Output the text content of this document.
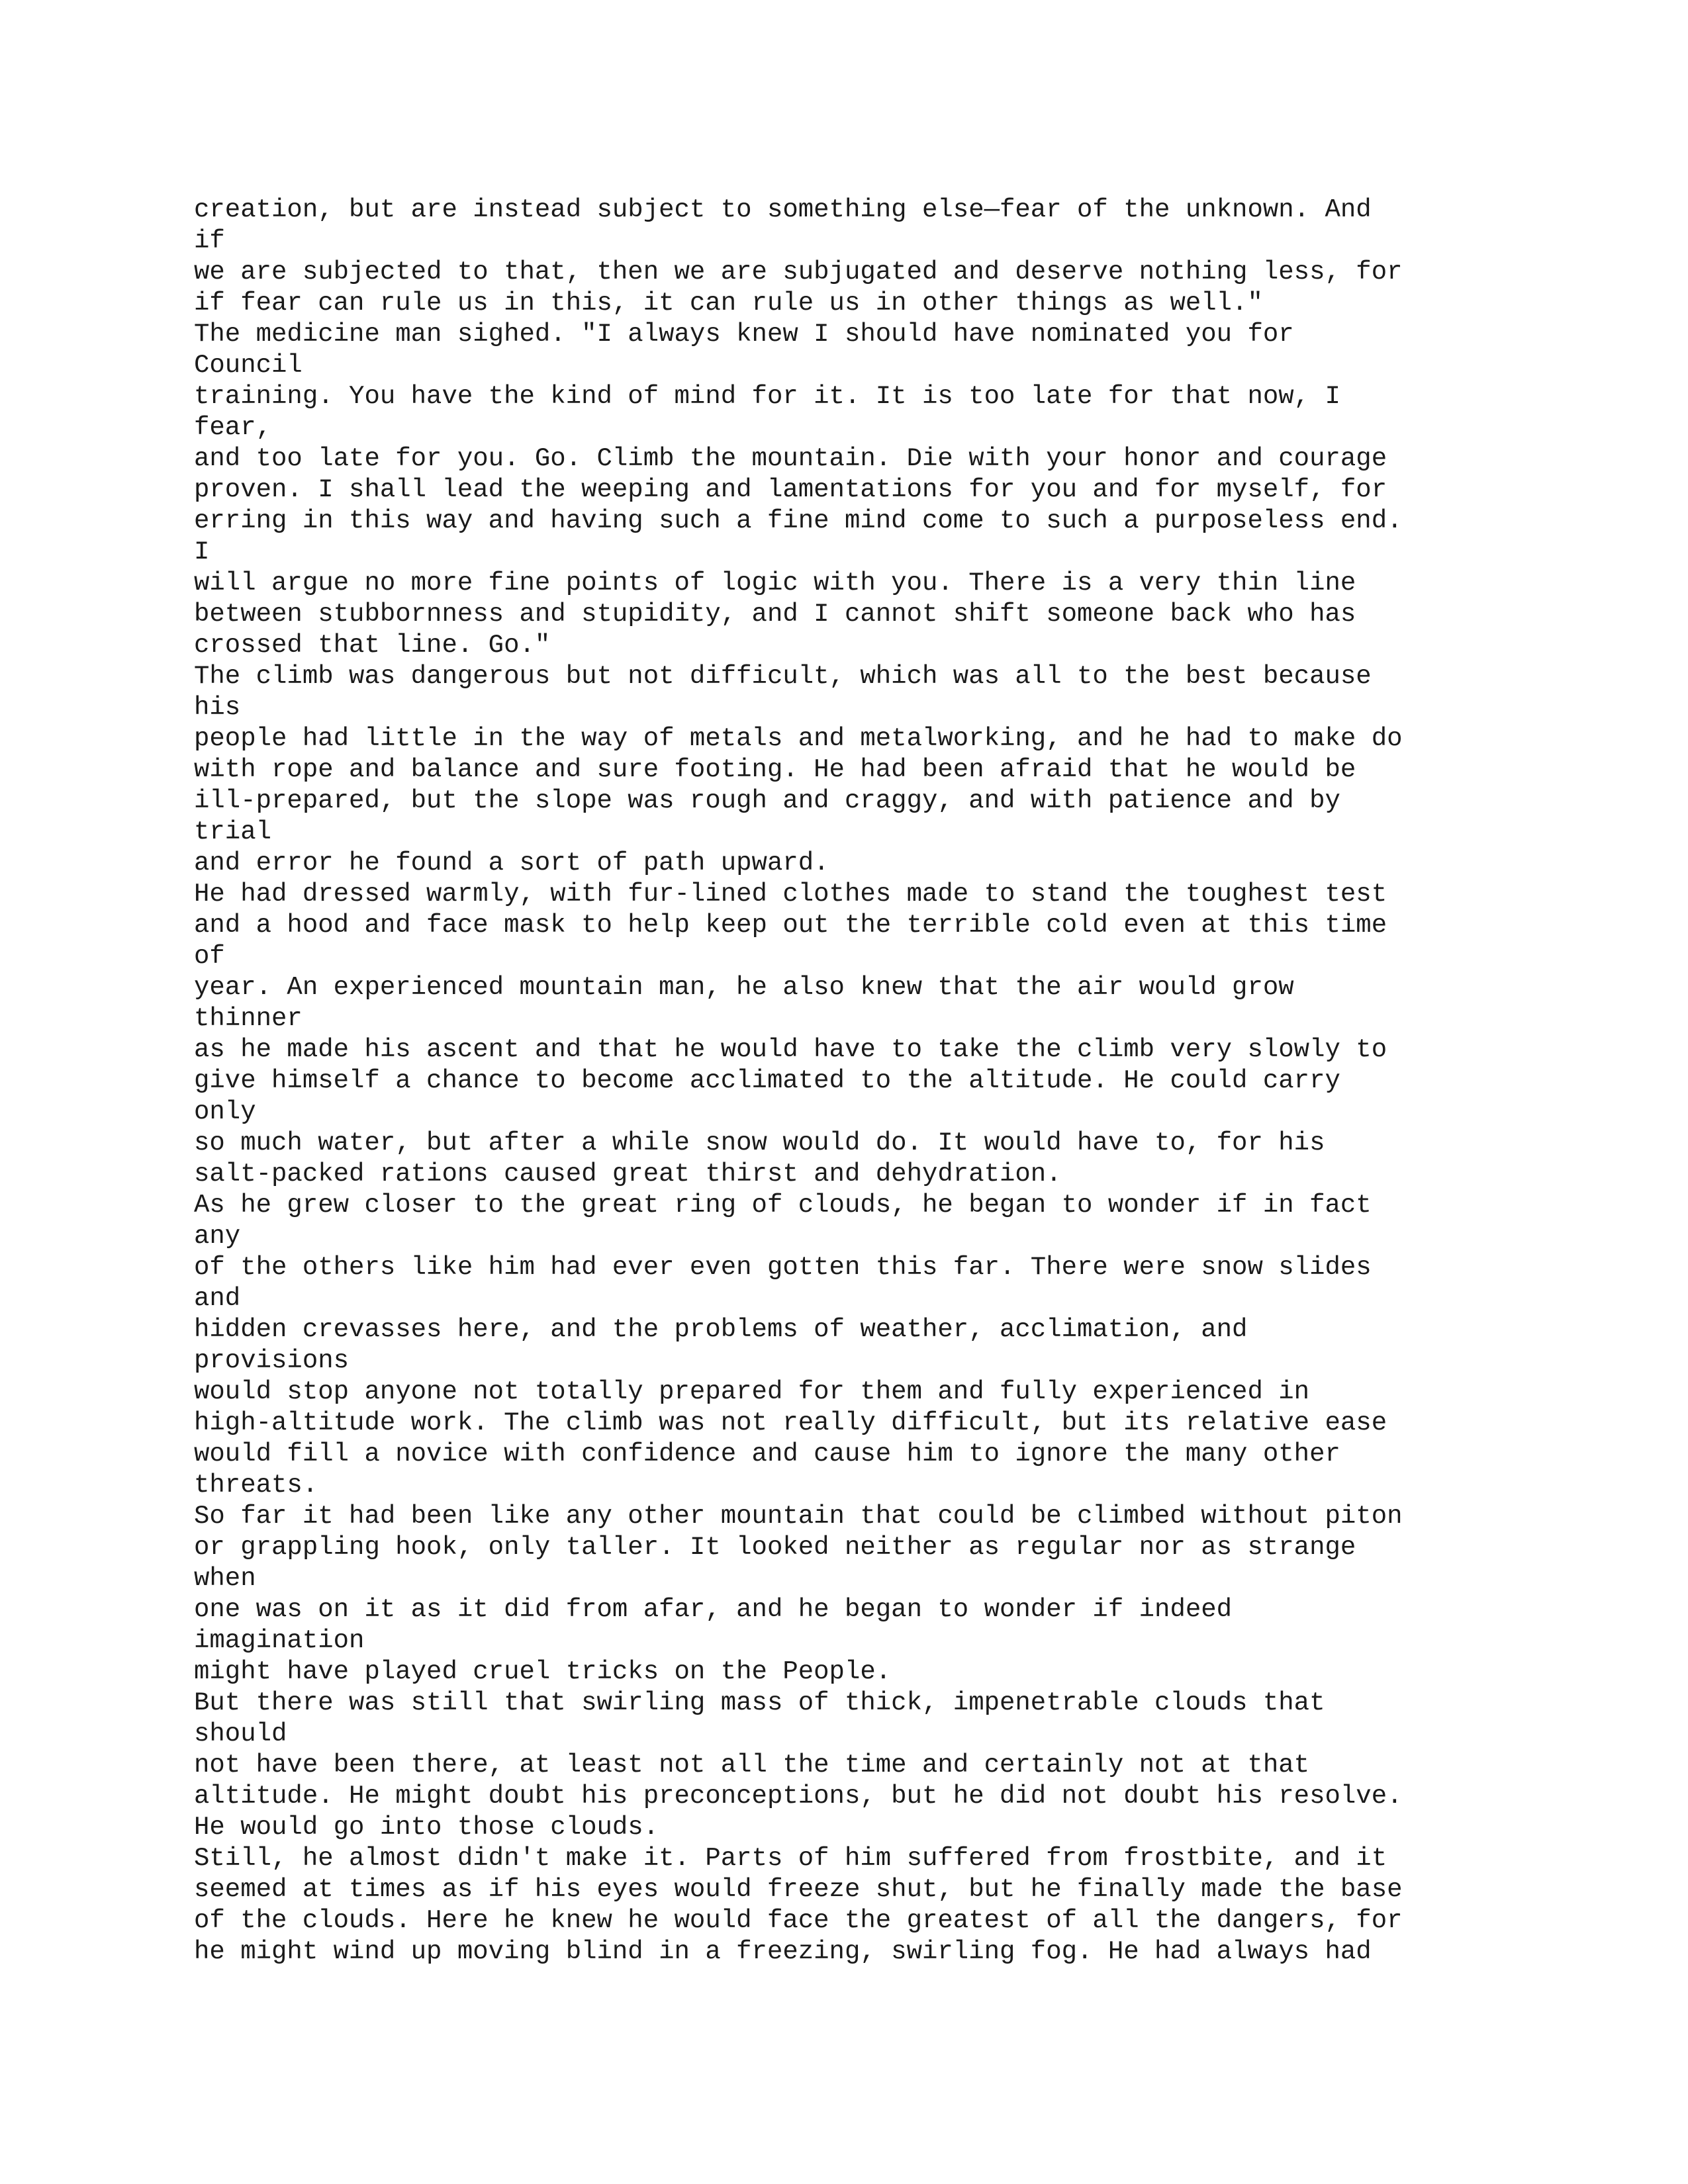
creation, but are instead subject to something else—fear of the unknown. And
if
we are subjected to that, then we are subjugated and deserve nothing less, for
if fear can rule us in this, it can rule us in other things as well."
The medicine man sighed. "I always knew I should have nominated you for
Council
training. You have the kind of mind for it. It is too late for that now, I
fear,
and too late for you. Go. Climb the mountain. Die with your honor and courage
proven. I shall lead the weeping and lamentations for you and for myself, for
erring in this way and having such a fine mind come to such a purposeless end.
I
will argue no more fine points of logic with you. There is a very thin line
between stubbornness and stupidity, and I cannot shift someone back who has
crossed that line. Go."
The climb was dangerous but not difficult, which was all to the best because
his
people had little in the way of metals and metalworking, and he had to make do
with rope and balance and sure footing. He had been afraid that he would be
ill-prepared, but the slope was rough and craggy, and with patience and by
trial
and error he found a sort of path upward.
He had dressed warmly, with fur-lined clothes made to stand the toughest test
and a hood and face mask to help keep out the terrible cold even at this time
of
year. An experienced mountain man, he also knew that the air would grow
thinner
as he made his ascent and that he would have to take the climb very slowly to
give himself a chance to become acclimated to the altitude. He could carry
only
so much water, but after a while snow would do. It would have to, for his
salt-packed rations caused great thirst and dehydration.
As he grew closer to the great ring of clouds, he began to wonder if in fact
any
of the others like him had ever even gotten this far. There were snow slides
and
hidden crevasses here, and the problems of weather, acclimation, and
provisions
would stop anyone not totally prepared for them and fully experienced in
high-altitude work. The climb was not really difficult, but its relative ease
would fill a novice with confidence and cause him to ignore the many other
threats.
So far it had been like any other mountain that could be climbed without piton
or grappling hook, only taller. It looked neither as regular nor as strange
when
one was on it as it did from afar, and he began to wonder if indeed
imagination
might have played cruel tricks on the People.
But there was still that swirling mass of thick, impenetrable clouds that
should
not have been there, at least not all the time and certainly not at that
altitude. He might doubt his preconceptions, but he did not doubt his resolve.
He would go into those clouds.
Still, he almost didn't make it. Parts of him suffered from frostbite, and it
seemed at times as if his eyes would freeze shut, but he finally made the base
of the clouds. Here he knew he would face the greatest of all the dangers, for
he might wind up moving blind in a freezing, swirling fog. He had always had
